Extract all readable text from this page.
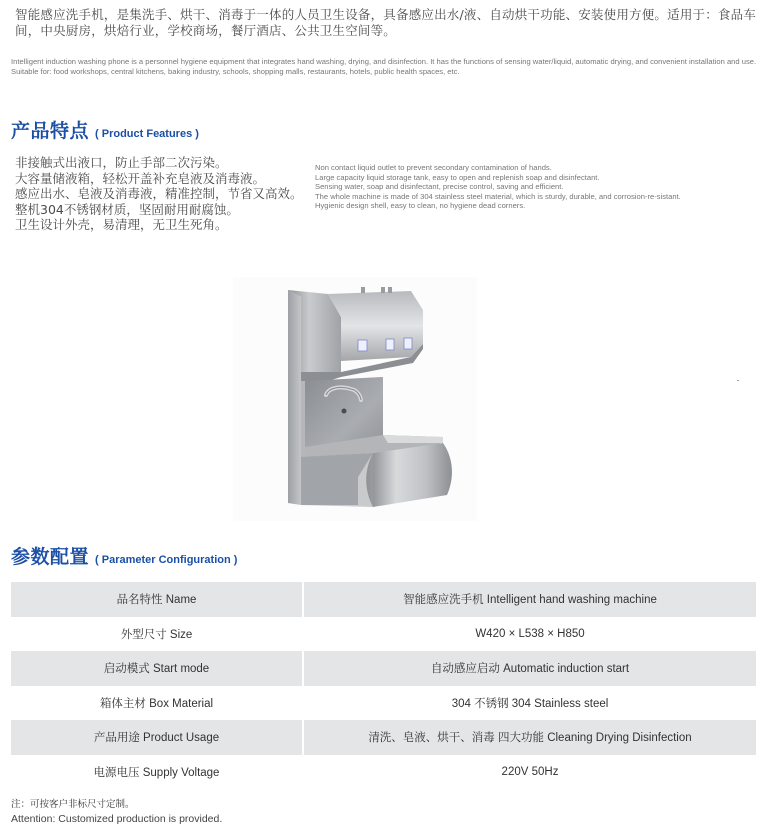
智能感应洗手机，是集洗手、烘干、消毒于一体的人员卫生设备，具备感应出水/液、自动烘干功能、安装使用方便。适用于：食品车间，中央厨房，烘焙行业，学校商场，餐厅酒店、公共卫生空间等。

Intelligent induction washing phone is a personnel hygiene equipment that integrates hand washing, drying, and disinfection. It has the functions of sensing water/liquid, automatic drying, and convenient installation and use. Suitable for: food workshops, central kitchens, baking industry, schools, shopping malls, restaurants, hotels, public health spaces, etc.

产品特点 ( Product Features )
非接触式出液口，防止手部二次污染。
大容量储液箱，轻松开盖补充皂液及消毒液。
感应出水、皂液及消毒液，精准控制，节省又高效。
整机304不锈钢材质，坚固耐用耐腐蚀。
卫生设计外壳，易清理，无卫生死角。
Non contact liquid outlet to prevent secondary contamination of hands.
Large capacity liquid storage tank, easy to open and replenish soap and disinfectant.
Sensing water, soap and disinfectant, precise control, saving and efficient.
The whole machine is made of 304 stainless steel material, which is sturdy, durable, and corrosion-re-sistant.
Hygienic design shell, easy to clean, no hygiene dead corners.
参数配置 ( Parameter Configuration )
品名特性 Name	智能感应洗手机 Intelligent hand washing machine
外型尺寸 Size	W420 × L538 × H850
启动模式 Start mode	自动感应启动 Automatic induction start
箱体主材 Box Material	304 不锈钢 304 Stainless steel
产品用途 Product Usage	清洗、皂液、烘干、消毒 四大功能 Cleaning Drying Disinfection
电源电压 Supply Voltage	220V 50Hz
注：可按客户非标尺寸定制。
Attention: Customized production is provided.
